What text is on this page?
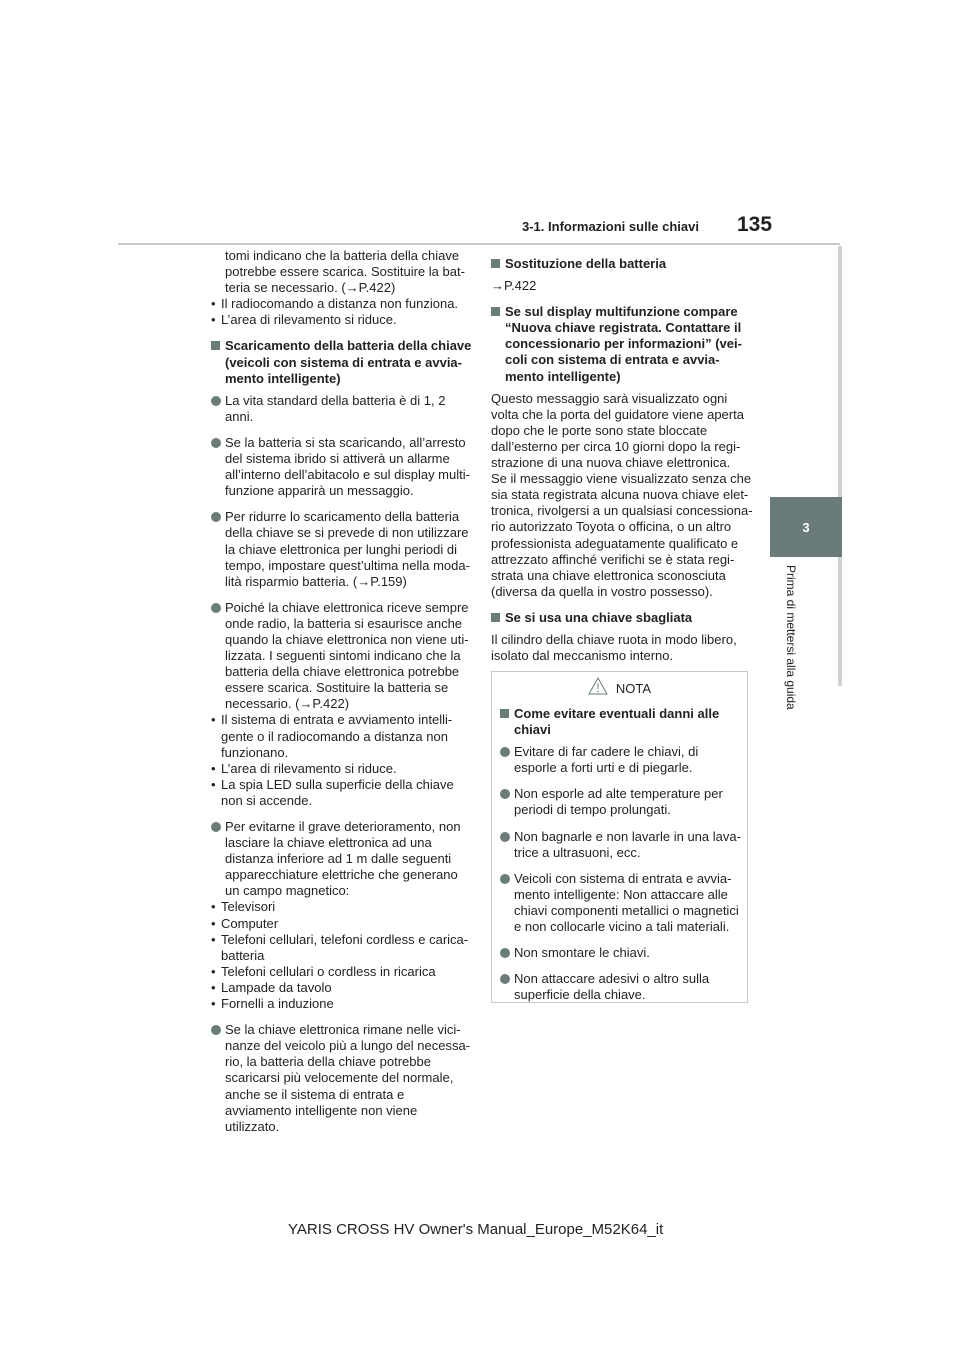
3-1. Informazioni sulle chiavi 135
3
Prima di mettersi alla guida

tomi indicano che la batteria della chiave potrebbe essere scarica. Sostituire la bat-teria se necessario. (→P.422)

• Il radiocomando a distanza non funziona.

• L’area di rilevamento si riduce.

Scaricamento della batteria della chiave (veicoli con sistema di entrata e avvia-mento intelligente)

La vita standard della batteria è di 1, 2 anni.

Se la batteria si sta scaricando, all’arresto del sistema ibrido si attiverà un allarme all’interno dell’abitacolo e sul display multi-funzione apparirà un messaggio.

Per ridurre lo scaricamento della batteria della chiave se si prevede di non utilizzare la chiave elettronica per lunghi periodi di tempo, impostare quest’ultima nella moda-lità risparmio batteria. (→P.159)

Poiché la chiave elettronica riceve sempre onde radio, la batteria si esaurisce anche quando la chiave elettronica non viene uti-lizzata. I seguenti sintomi indicano che la batteria della chiave elettronica potrebbe essere scarica. Sostituire la batteria se necessario. (→P.422)

• Il sistema di entrata e avviamento intelli-gente o il radiocomando a distanza non funzionano.

• L’area di rilevamento si riduce.

• La spia LED sulla superficie della chiave non si accende.

Per evitarne il grave deterioramento, non lasciare la chiave elettronica ad una distanza inferiore ad 1 m dalle seguenti apparecchiature elettriche che generano un campo magnetico:

• Televisori

• Computer

• Telefoni cellulari, telefoni cordless e carica-batteria

• Telefoni cellulari o cordless in ricarica

• Lampade da tavolo

• Fornelli a induzione

Se la chiave elettronica rimane nelle vici-nanze del veicolo più a lungo del necessa-rio, la batteria della chiave potrebbe scaricarsi più velocemente del normale, anche se il sistema di entrata e avviamento intelligente non viene utilizzato.

Sostituzione della batteria

→P.422

Se sul display multifunzione compare “Nuova chiave registrata. Contattare il concessionario per informazioni” (vei-coli con sistema di entrata e avvia-mento intelligente)

Questo messaggio sarà visualizzato ogni volta che la porta del guidatore viene aperta dopo che le porte sono state bloccate dall’esterno per circa 10 giorni dopo la regi-strazione di una nuova chiave elettronica.

Se il messaggio viene visualizzato senza che sia stata registrata alcuna nuova chiave elet-tronica, rivolgersi a un qualsiasi concessiona-rio autorizzato Toyota o officina, o un altro professionista adeguatamente qualificato e attrezzato affinché verifichi se è stata regi-strata una chiave elettronica sconosciuta (diversa da quella in vostro possesso).

Se si usa una chiave sbagliata

Il cilindro della chiave ruota in modo libero, isolato dal meccanismo interno.

NOTA

Come evitare eventuali danni alle chiavi

Evitare di far cadere le chiavi, di esporle a forti urti e di piegarle.

Non esporle ad alte temperature per periodi di tempo prolungati.

Non bagnarle e non lavarle in una lava-trice a ultrasuoni, ecc.

Veicoli con sistema di entrata e avvia-mento intelligente: Non attaccare alle chiavi componenti metallici o magnetici e non collocarle vicino a tali materiali.

Non smontare le chiavi.

Non attaccare adesivi o altro sulla superficie della chiave.

YARIS CROSS HV Owner's Manual_Europe_M52K64_it
